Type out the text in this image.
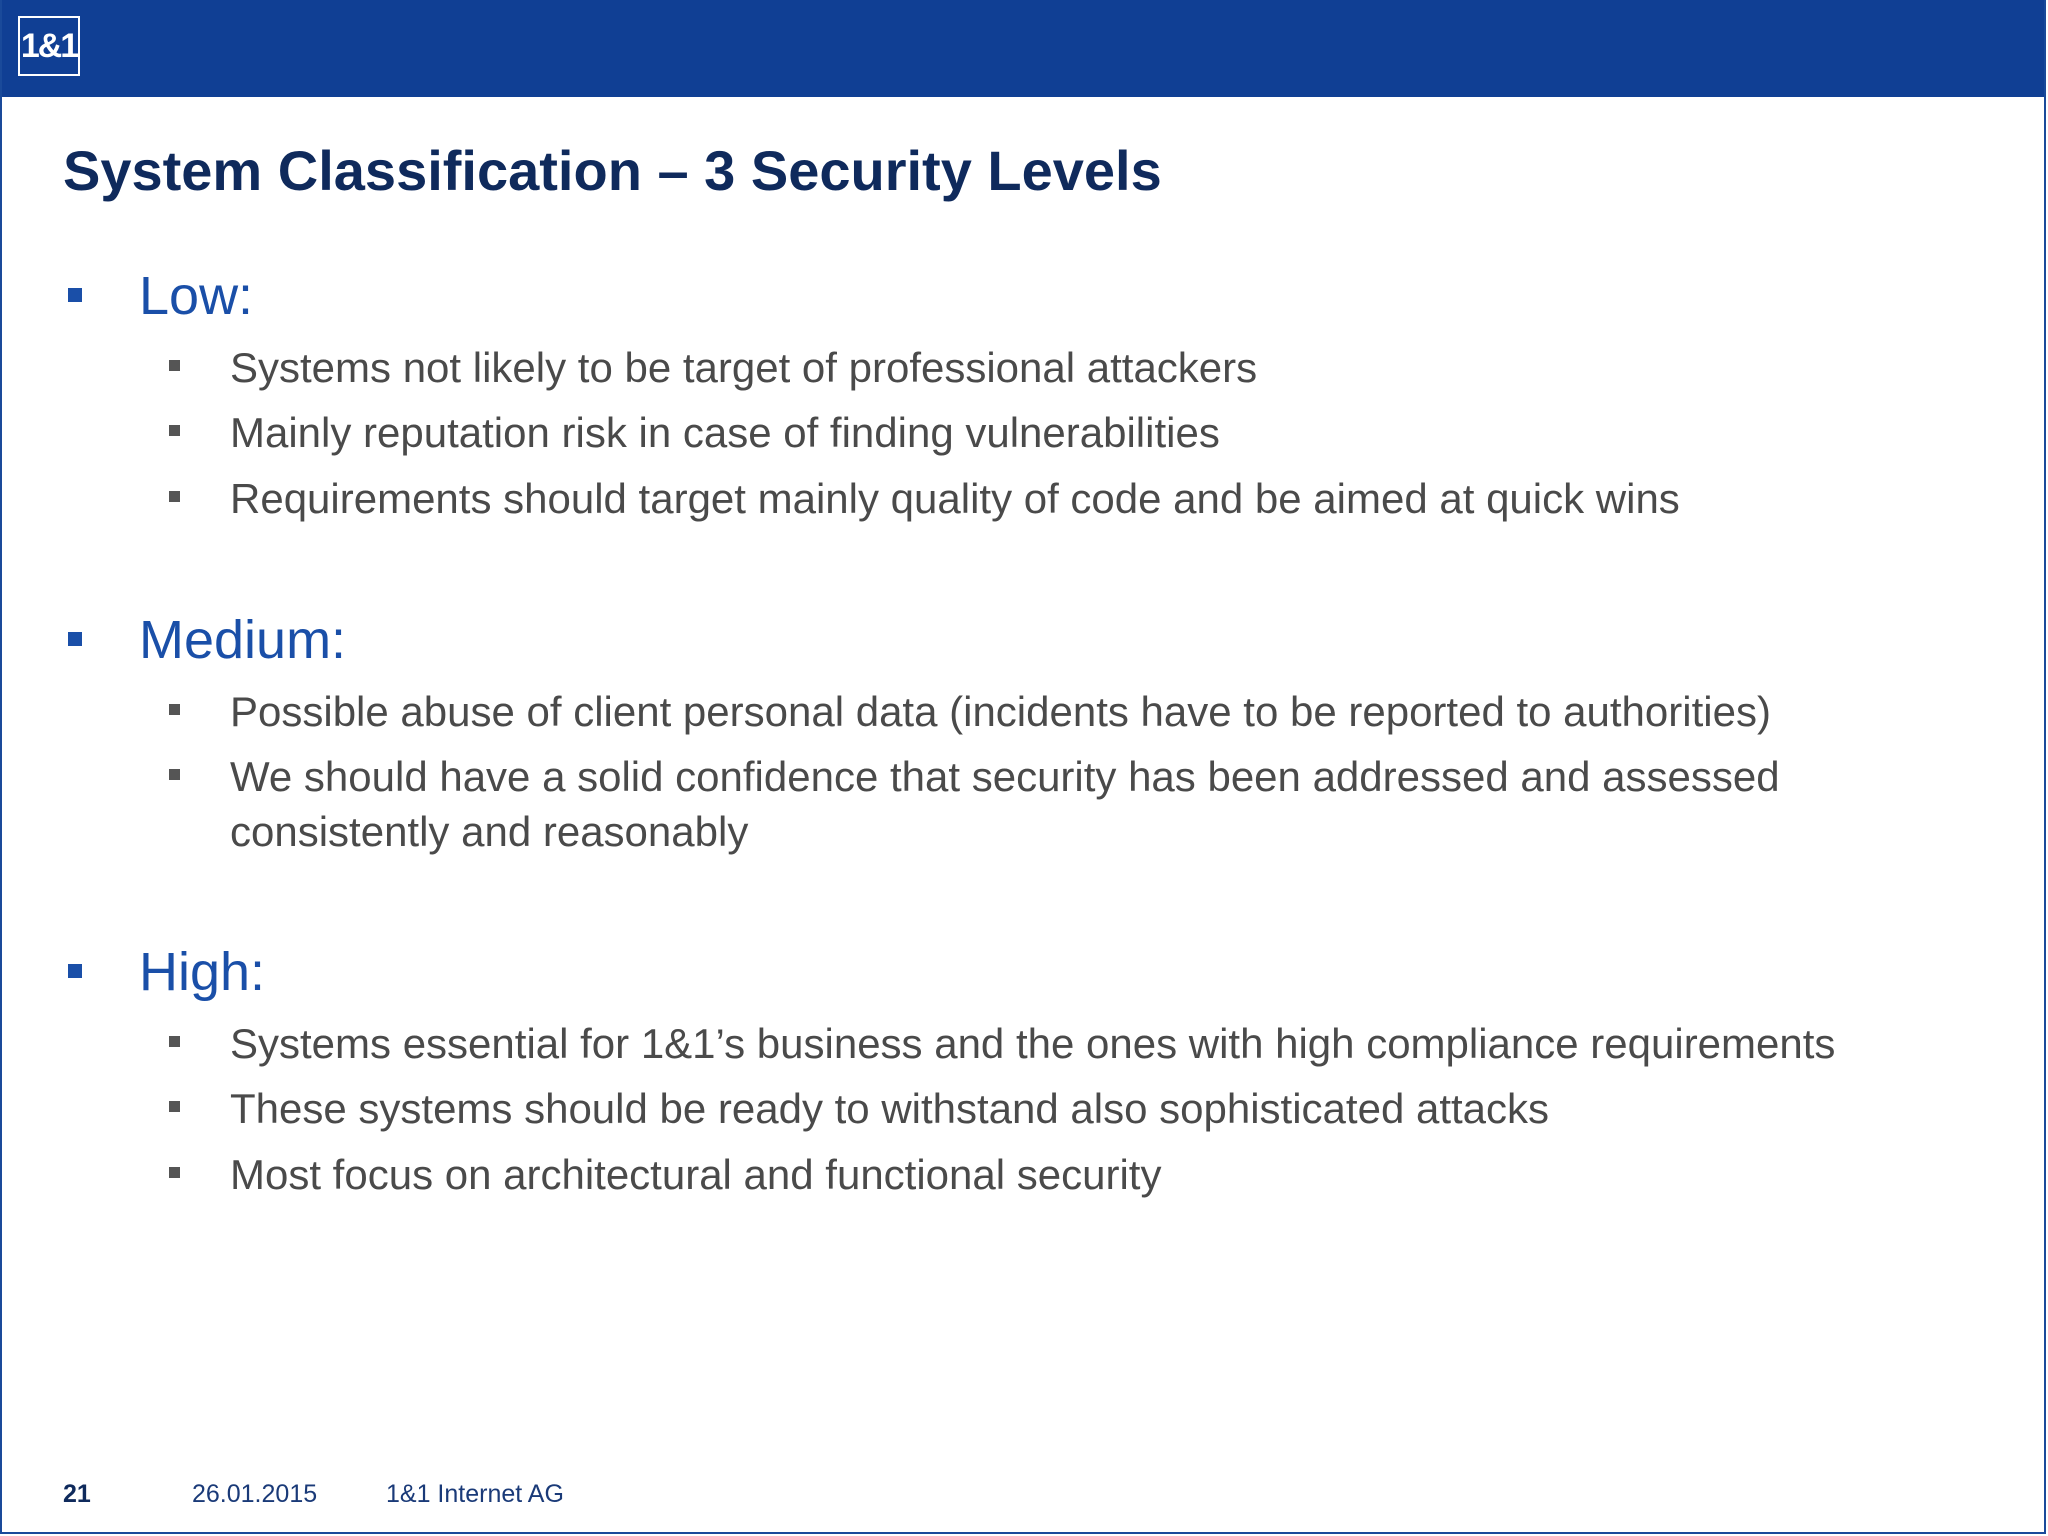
1&1
System Classification – 3 Security Levels
Low:
Systems not likely to be target of professional attackers
Mainly reputation risk in case of finding vulnerabilities
Requirements should target mainly quality of code and be aimed at quick wins
Medium:
Possible abuse of client personal data (incidents have to be reported to authorities)
We should have a solid confidence that security has been addressed and assessed consistently and reasonably
High:
Systems essential for 1&1’s business and the ones with high compliance requirements
These systems should be ready to withstand also sophisticated attacks
Most focus on architectural and functional security
21	26.01.2015	1&1 Internet AG
